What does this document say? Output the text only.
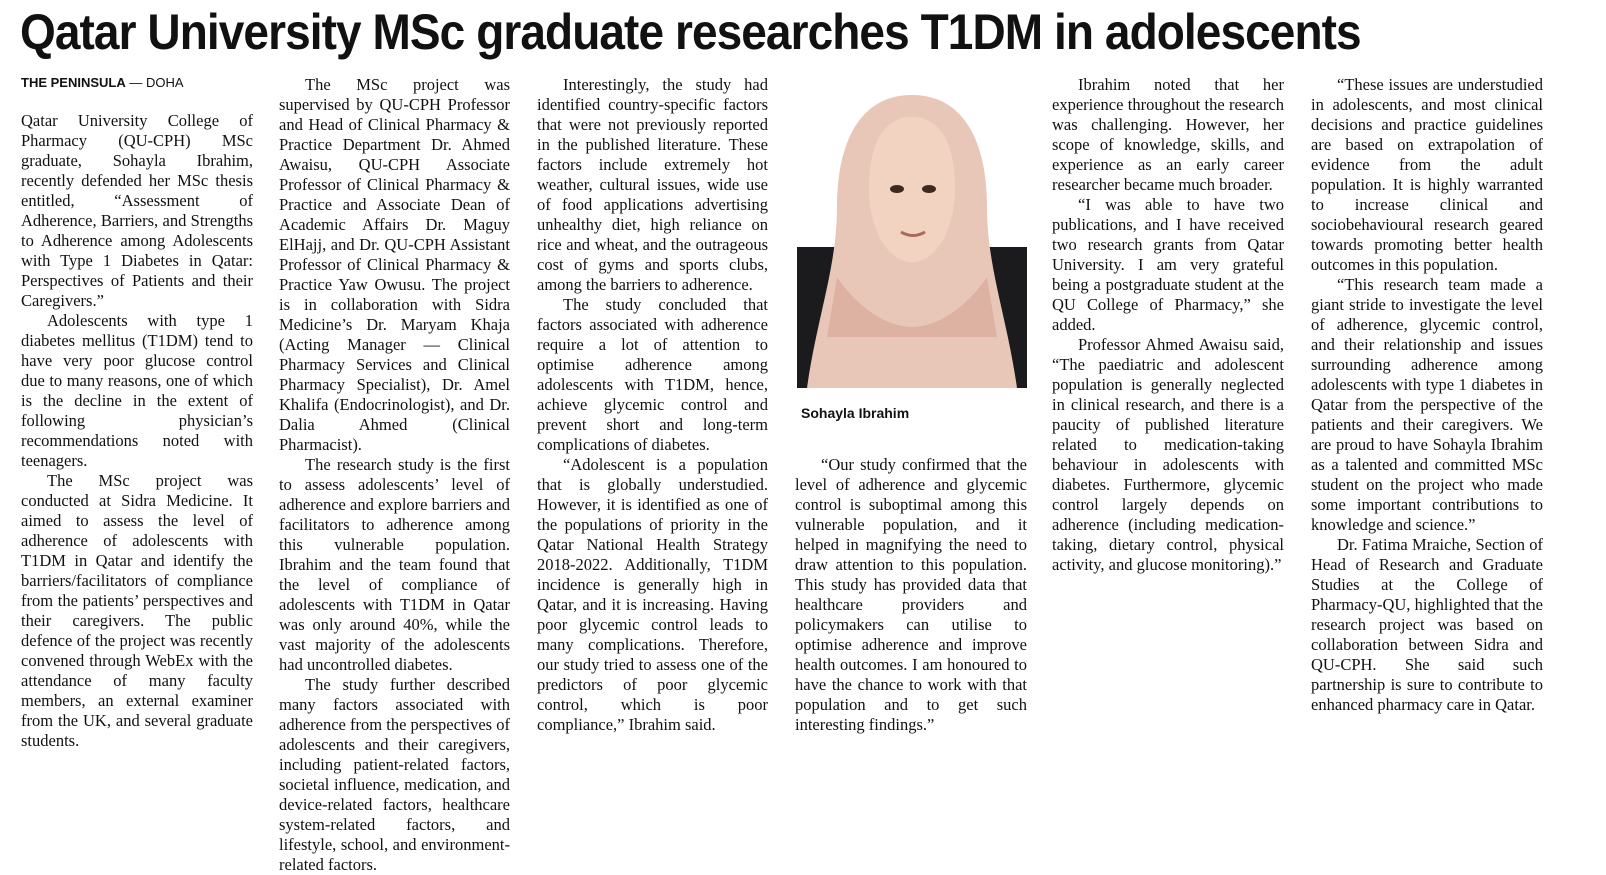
Qatar University MSc graduate researches T1DM in adolescents
THE PENINSULA — DOHA

Qatar University College of Pharmacy (QU-CPH) MSc graduate, Sohayla Ibrahim, recently defended her MSc thesis entitled, “Assessment of Adherence, Barriers, and Strengths to Adherence among Adolescents with Type 1 Diabetes in Qatar: Perspectives of Patients and their Caregivers.”

Adolescents with type 1 diabetes mellitus (T1DM) tend to have very poor glucose control due to many reasons, one of which is the decline in the extent of following physician’s recommendations noted with teenagers.

The MSc project was conducted at Sidra Medicine. It aimed to assess the level of adherence of adolescents with T1DM in Qatar and identify the barriers/facilitators of compliance from the patients’ perspectives and their caregivers. The public defence of the project was recently convened through WebEx with the attendance of many faculty members, an external examiner from the UK, and several graduate students.

The MSc project was supervised by QU-CPH Professor and Head of Clinical Pharmacy & Practice Department Dr. Ahmed Awaisu, QU-CPH Associate Professor of Clinical Pharmacy & Practice and Associate Dean of Academic Affairs Dr. Maguy ElHajj, and Dr. QU-CPH Assistant Professor of Clinical Pharmacy & Practice Yaw Owusu. The project is in collaboration with Sidra Medicine’s Dr. Maryam Khaja (Acting Manager — Clinical Pharmacy Services and Clinical Pharmacy Specialist), Dr. Amel Khalifa (Endocrinologist), and Dr. Dalia Ahmed (Clinical Pharmacist).

The research study is the first to assess adolescents’ level of adherence and explore barriers and facilitators to adherence among this vulnerable population. Ibrahim and the team found that the level of compliance of adolescents with T1DM in Qatar was only around 40%, while the vast majority of the adolescents had uncontrolled diabetes.

The study further described many factors associated with adherence from the perspectives of adolescents and their caregivers, including patient-related factors, societal influence, medication, and device-related factors, healthcare system-related factors, and lifestyle, school, and environment-related factors.

Interestingly, the study had identified country-specific factors that were not previously reported in the published literature. These factors include extremely hot weather, cultural issues, wide use of food applications advertising unhealthy diet, high reliance on rice and wheat, and the outrageous cost of gyms and sports clubs, among the barriers to adherence.

The study concluded that factors associated with adherence require a lot of attention to optimise adherence among adolescents with T1DM, hence, achieve glycemic control and prevent short and long-term complications of diabetes.

“Adolescent is a population that is globally understudied. However, it is identified as one of the populations of priority in the Qatar National Health Strategy 2018-2022. Additionally, T1DM incidence is generally high in Qatar, and it is increasing. Having poor glycemic control leads to many complications. Therefore, our study tried to assess one of the predictors of poor glycemic control, which is poor compliance,” Ibrahim said.

Sohayla Ibrahim

“Our study confirmed that the level of adherence and glycemic control is suboptimal among this vulnerable population, and it helped in magnifying the need to draw attention to this population. This study has provided data that healthcare providers and policymakers can utilise to optimise adherence and improve health outcomes. I am honoured to have the chance to work with that population and to get such interesting findings.”

Ibrahim noted that her experience throughout the research was challenging. However, her scope of knowledge, skills, and experience as an early career researcher became much broader.

“I was able to have two publications, and I have received two research grants from Qatar University. I am very grateful being a postgraduate student at the QU College of Pharmacy,” she added.

Professor Ahmed Awaisu said, “The paediatric and adolescent population is generally neglected in clinical research, and there is a paucity of published literature related to medication-taking behaviour in adolescents with diabetes. Furthermore, glycemic control largely depends on adherence (including medication-taking, dietary control, physical activity, and glucose monitoring).”

“These issues are understudied in adolescents, and most clinical decisions and practice guidelines are based on extrapolation of evidence from the adult population. It is highly warranted to increase clinical and sociobehavioural research geared towards promoting better health outcomes in this population.

“This research team made a giant stride to investigate the level of adherence, glycemic control, and their relationship and issues surrounding adherence among adolescents with type 1 diabetes in Qatar from the perspective of the patients and their caregivers. We are proud to have Sohayla Ibrahim as a talented and committed MSc student on the project who made some important contributions to knowledge and science.”

Dr. Fatima Mraiche, Section of Head of Research and Graduate Studies at the College of Pharmacy-QU, highlighted that the research project was based on collaboration between Sidra and QU-CPH. She said such partnership is sure to contribute to enhanced pharmacy care in Qatar.
